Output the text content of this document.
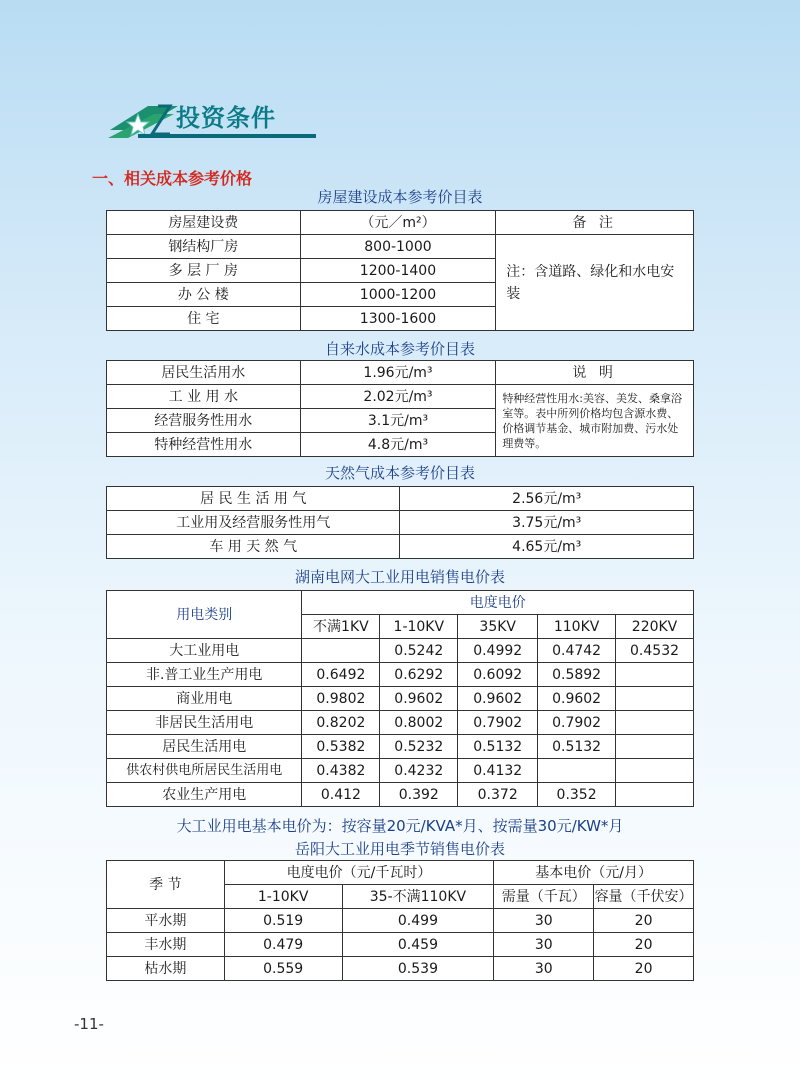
投资条件
一、相关成本参考价格
房屋建设成本参考价目表
房屋建设费	（元／m²）	备 注
钢结构厂房	800-1000	注：含道路、绿化和水电安装
多 层 厂 房	1200-1400	
办 公 楼	1000-1200	
住 宅	1300-1600	
自来水成本参考价目表
居民生活用水	1.96元/m³	说 明
工 业 用 水	2.02元/m³	特种经营性用水:美容、美发、桑拿浴室等。表中所列价格均包含源水费、价格调节基金、城市附加费、污水处理费等。
经营服务性用水	3.1元/m³	
特种经营性用水	4.8元/m³	
天然气成本参考价目表
居 民 生 活 用 气	2.56元/m³
工业用及经营服务性用气	3.75元/m³
车 用 天 然 气	4.65元/m³
湖南电网大工业用电销售电价表
用电类别	电度电价				
	不满1KV	1-10KV	35KV	110KV	220KV
大工业用电		0.5242	0.4992	0.4742	0.4532
非.普工业生产用电	0.6492	0.6292	0.6092	0.5892	
商业用电	0.9802	0.9602	0.9602	0.9602	
非居民生活用电	0.8202	0.8002	0.7902	0.7902	
居民生活用电	0.5382	0.5232	0.5132	0.5132	
供农村供电所居民生活用电	0.4382	0.4232	0.4132		
农业生产用电	0.412	0.392	0.372	0.352	
大工业用电基本电价为：按容量20元/KVA*月、按需量30元/KW*月
岳阳大工业用电季节销售电价表
季 节	电度电价（元/千瓦时）		基本电价（元/月）	
	1-10KV	35-不满110KV	需量（千瓦）	容量（千伏安）
平水期	0.519	0.499	30	20
丰水期	0.479	0.459	30	20
枯水期	0.559	0.539	30	20
-11-
